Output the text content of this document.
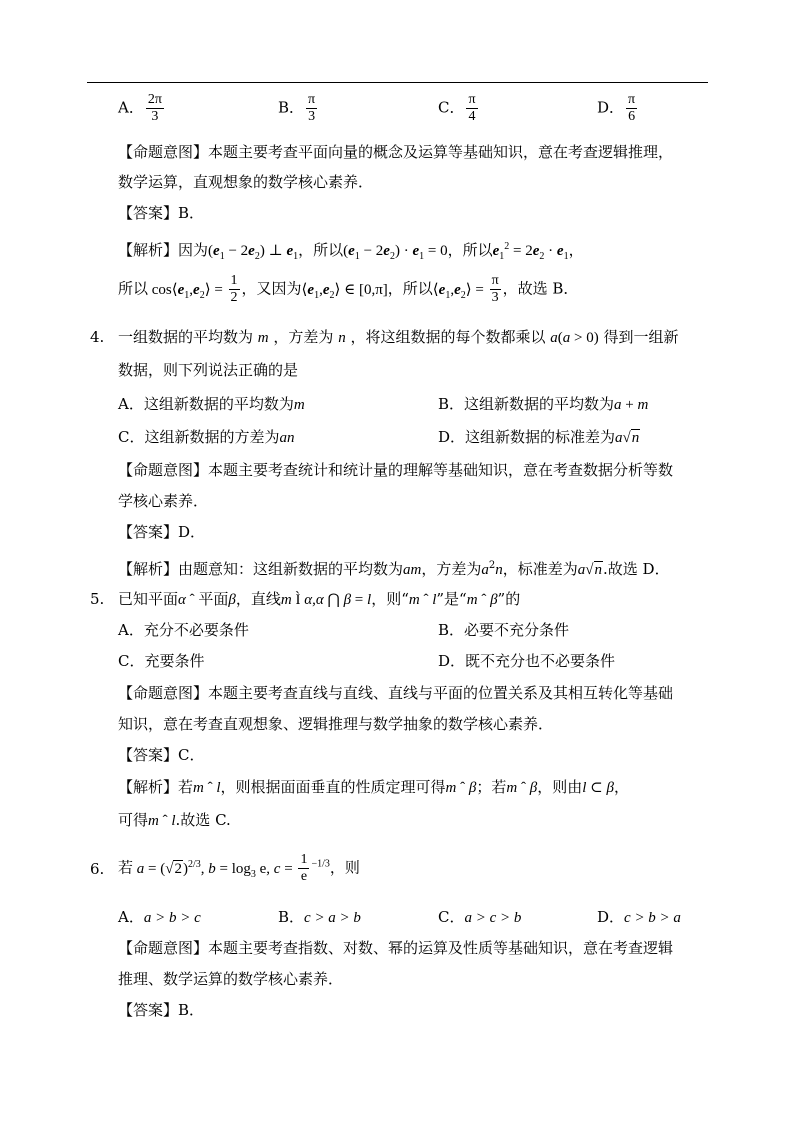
A． $\frac{2\pi}{3}$	B． $\frac{\pi}{3}$	C． $\frac{\pi}{4}$	D． $\frac{\pi}{6}$
【命题意图】本题主要考查平面向量的概念及运算等基础知识，意在考查逻辑推理，
数学运算，直观想象的数学核心素养．
【答案】B．
【解析】因为$(e_1 - 2e_2)$ ⊥ $e_1$，所以$(e_1 - 2e_2) \cdot e_1 = 0$，所以$e_1^2 = 2e_2 \cdot e_1$，
所以 $\cos⟨e_1,e_2⟩ = \frac{1}{2}$ ，又因为$⟨e_1,e_2⟩$ ∈ [0,π]，所以$⟨e_1,e_2⟩ = \frac{\pi}{3}$ ，故选 B．
4. 一组数据的平均数为 m ，方差为 n ，将这组数据的每个数都乘以 a(a > 0) 得到一组新
数据，则下列说法正确的是
A．这组新数据的平均数为m	B．这组新数据的平均数为a + m
C．这组新数据的方差为an	D．这组新数据的标准差为a√n
【命题意图】本题主要考查统计和统计量的理解等基础知识，意在考查数据分析等数
学核心素养．
【答案】D．
【解析】由题意知：这组新数据的平均数为am，方差为$a^2n$，标准差为a√n.故选 D．
5. 已知平面α ˆ 平面β，直线m Ì α,α ⋂ β = l，则“m ˆ l”是“m ˆ β”的
A．充分不必要条件	B．必要不充分条件
C．充要条件	D．既不充分也不必要条件
【命题意图】本题主要考查直线与直线、直线与平面的位置关系及其相互转化等基础
知识，意在考查直观想象、逻辑推理与数学抽象的数学核心素养．
【答案】C．
【解析】若m ˆ l，则根据面面垂直的性质定理可得m ˆ β；若m ˆ β，则由l ⊂ β，
可得m ˆ l.故选 C.
6. 若 $a = (√2)^{2/3}$, $b = \log_3 e$, $c = \frac{1}{e} ^{-1/3}$，则
A．a > b > c	B．c > a > b	C．a > c > b	D．c > b > a
【命题意图】本题主要考查指数、对数、幂的运算及性质等基础知识，意在考查逻辑
推理、数学运算的数学核心素养．
【答案】B．
